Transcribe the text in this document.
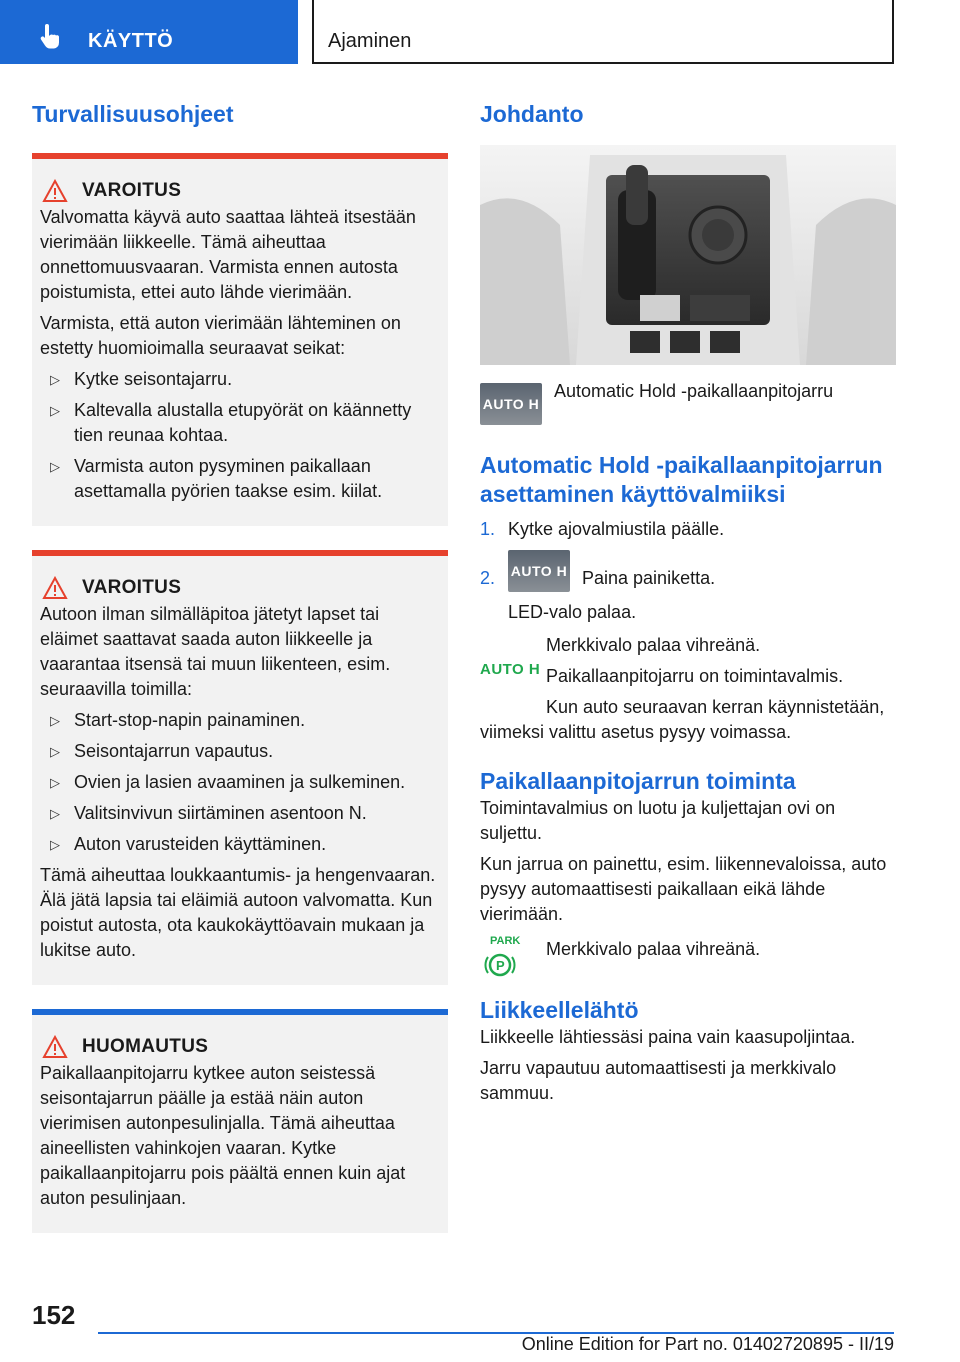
KÄYTTÖ	Ajaminen
Turvallisuusohjeet
VAROITUS

Valvomatta käyvä auto saattaa lähteä itsestään vierimään liikkeelle. Tämä aiheuttaa onnettomuusvaaran. Varmista ennen autosta poistumista, ettei auto lähde vierimään.

Varmista, että auton vierimään lähteminen on estetty huomioimalla seuraavat seikat:

▷ Kytke seisontajarru.
▷ Kaltevalla alustalla etupyörät on käännetty tien reunaa kohtaa.
▷ Varmista auton pysyminen paikallaan asettamalla pyörien taakse esim. kiilat.
VAROITUS

Autoon ilman silmälläpitoa jätetyt lapset tai eläimet saattavat saada auton liikkeelle ja vaarantaa itsensä tai muun liikenteen, esim. seuraavilla toimilla:

▷ Start-stop-napin painaminen.
▷ Seisontajarrun vapautus.
▷ Ovien ja lasien avaaminen ja sulkeminen.
▷ Valitsinvivun siirtäminen asentoon N.
▷ Auton varusteiden käyttäminen.

Tämä aiheuttaa loukkaantumis- ja hengenvaaran. Älä jätä lapsia tai eläimiä autoon valvomatta. Kun poistut autosta, ota kaukokäyttöavain mukaan ja lukitse auto.

HUOMAUTUS

Paikallaanpitojarru kytkee auton seistessä seisontajarrun päälle ja estää näin auton vierimisen autonpesulinjalla. Tämä aiheuttaa aineellisten vahinkojen vaaran. Kytke paikallaanpitojarru pois päältä ennen kuin ajat auton pesulinjaan.

Johdanto
AUTO H
Automatic Hold -paikallaanpitojarru
Automatic Hold -paikallaanpitojarrun asettaminen käyttövalmiiksi
1. Kytke ajovalmiustila päälle.
2. AUTO H Paina painiketta.

LED-valo palaa.

AUTO H

Merkkivalo palaa vihreänä.

Paikallaanpitojarru on toimintavalmis.

Kun auto seuraavan kerran käynnistetään, viimeksi valittu asetus pysyy voimassa.

Paikallaanpitojarrun toiminta

Toimintavalmius on luotu ja kuljettajan ovi on suljettu.

Kun jarrua on painettu, esim. liikennevaloissa, auto pysyy automaattisesti paikallaan eikä lähde vierimään.

P
PARK Merkkivalo palaa vihreänä.

Liikkeellelähtö

Liikkeelle lähtiessäsi paina vain kaasupoljintaa.

Jarru vapautuu automaattisesti ja merkkivalo sammuu.

152
Online Edition for Part no. 01402720895 - II/19
